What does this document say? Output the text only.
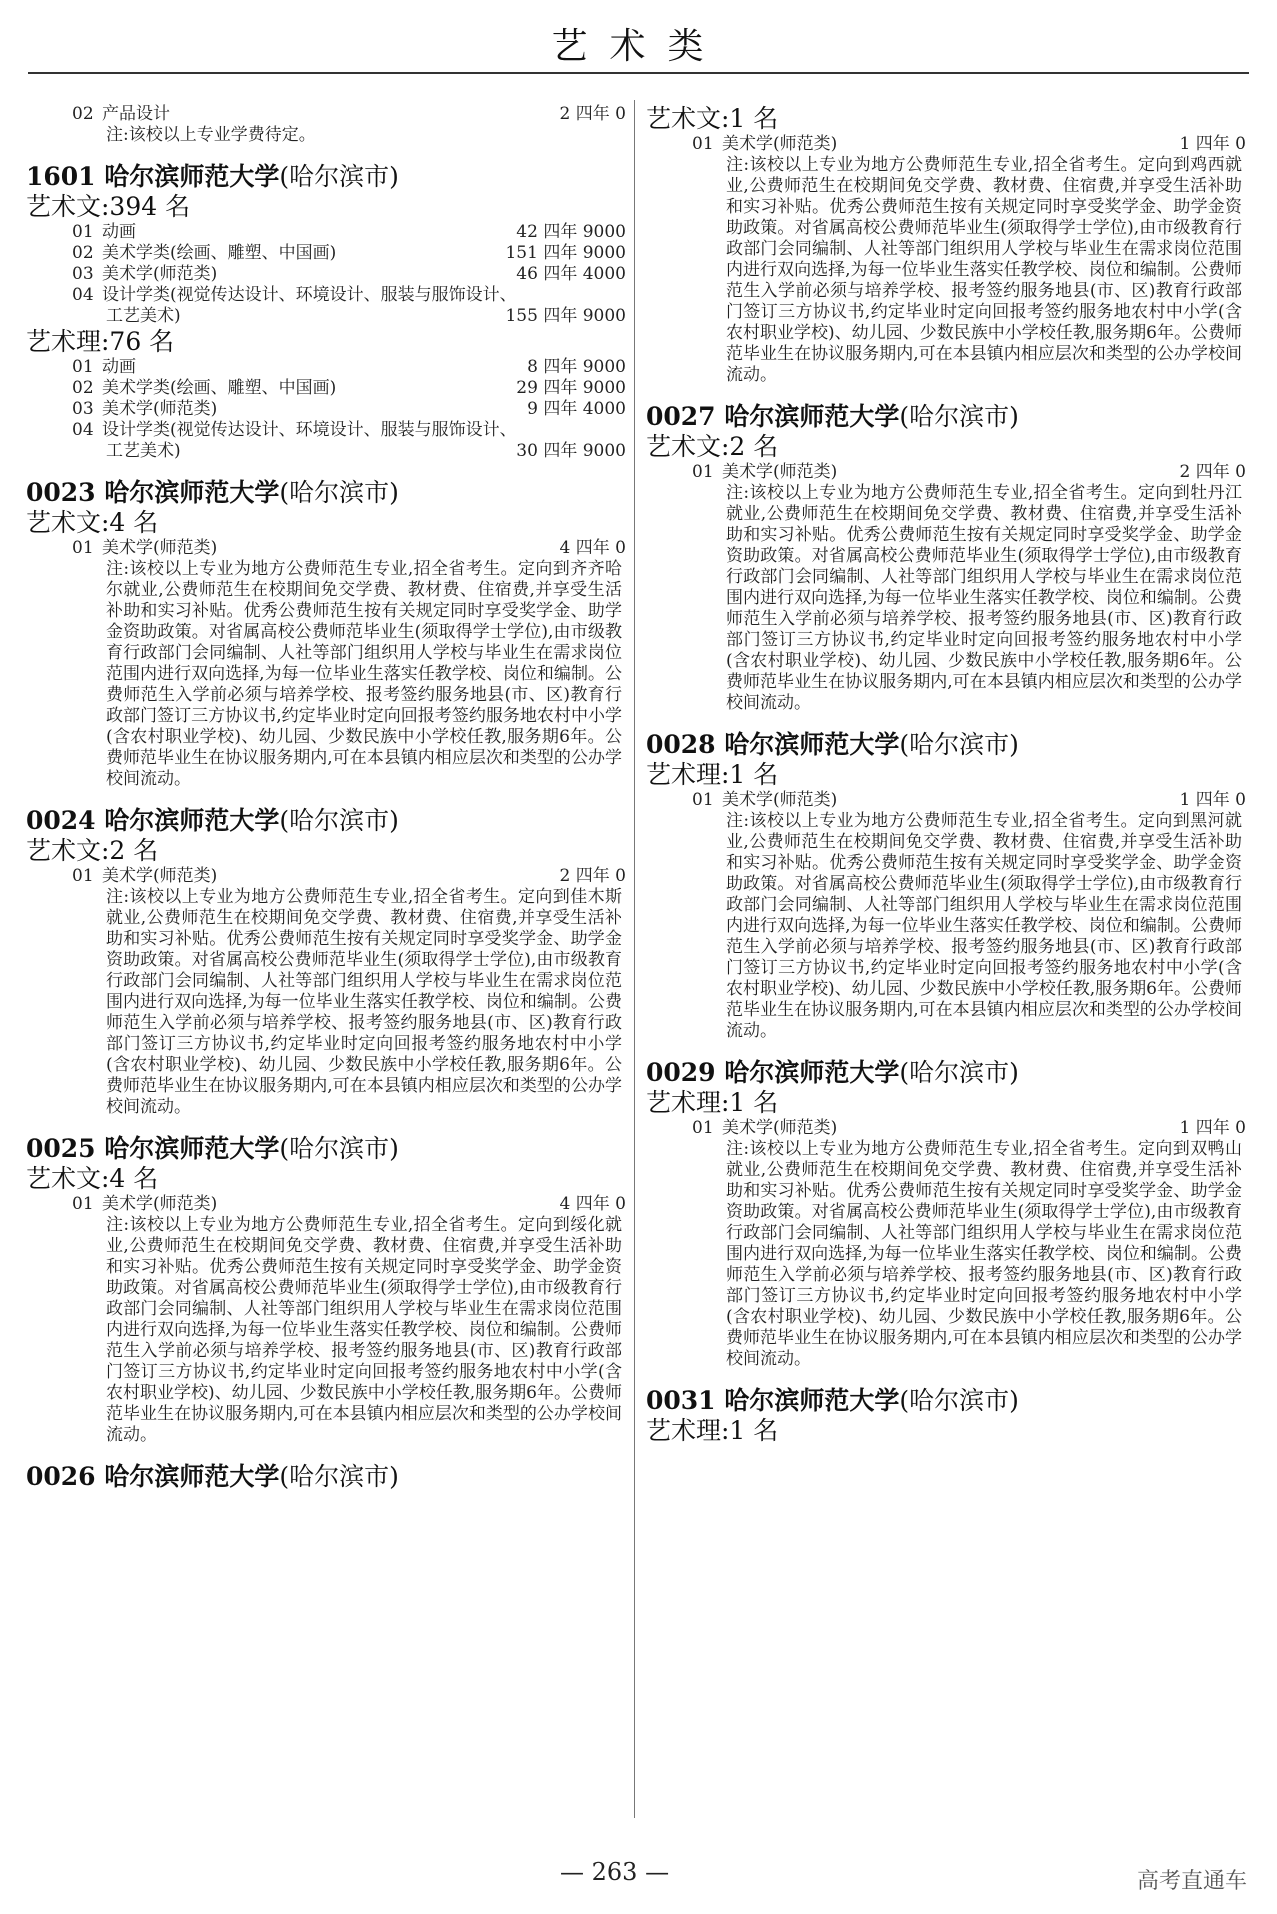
艺术类
02 产品设计	2 四年 0
注:该校以上专业学费待定。
1601 哈尔滨师范大学(哈尔滨市)
艺术文:394 名
01 动画	42 四年 9000
02 美术学类(绘画、雕塑、中国画)	151 四年 9000
03 美术学(师范类)	46 四年 4000
04 设计学类(视觉传达设计、环境设计、服装与服饰设计、
工艺美术)	155 四年 9000
艺术理:76 名
01 动画	8 四年 9000
02 美术学类(绘画、雕塑、中国画)	29 四年 9000
03 美术学(师范类)	9 四年 4000
04 设计学类(视觉传达设计、环境设计、服装与服饰设计、
工艺美术)	30 四年 9000
0023 哈尔滨师范大学(哈尔滨市)
艺术文:4 名
01 美术学(师范类)	4 四年 0
注:该校以上专业为地方公费师范生专业,招全省考生。定向到齐齐哈尔就业,公费师范生在校期间免交学费、教材费、住宿费,并享受生活补助和实习补贴。优秀公费师范生按有关规定同时享受奖学金、助学金资助政策。对省属高校公费师范毕业生(须取得学士学位),由市级教育行政部门会同编制、人社等部门组织用人学校与毕业生在需求岗位范围内进行双向选择,为每一位毕业生落实任教学校、岗位和编制。公费师范生入学前必须与培养学校、报考签约服务地县(市、区)教育行政部门签订三方协议书,约定毕业时定向回报考签约服务地农村中小学(含农村职业学校)、幼儿园、少数民族中小学校任教,服务期6年。公费师范毕业生在协议服务期内,可在本县镇内相应层次和类型的公办学校间流动。
0024 哈尔滨师范大学(哈尔滨市)
艺术文:2 名
01 美术学(师范类)	2 四年 0
注:该校以上专业为地方公费师范生专业,招全省考生。定向到佳木斯就业,公费师范生在校期间免交学费、教材费、住宿费,并享受生活补助和实习补贴。优秀公费师范生按有关规定同时享受奖学金、助学金资助政策。对省属高校公费师范毕业生(须取得学士学位),由市级教育行政部门会同编制、人社等部门组织用人学校与毕业生在需求岗位范围内进行双向选择,为每一位毕业生落实任教学校、岗位和编制。公费师范生入学前必须与培养学校、报考签约服务地县(市、区)教育行政部门签订三方协议书,约定毕业时定向回报考签约服务地农村中小学(含农村职业学校)、幼儿园、少数民族中小学校任教,服务期6年。公费师范毕业生在协议服务期内,可在本县镇内相应层次和类型的公办学校间流动。
0025 哈尔滨师范大学(哈尔滨市)
艺术文:4 名
01 美术学(师范类)	4 四年 0
注:该校以上专业为地方公费师范生专业,招全省考生。定向到绥化就业,公费师范生在校期间免交学费、教材费、住宿费,并享受生活补助和实习补贴。优秀公费师范生按有关规定同时享受奖学金、助学金资助政策。对省属高校公费师范毕业生(须取得学士学位),由市级教育行政部门会同编制、人社等部门组织用人学校与毕业生在需求岗位范围内进行双向选择,为每一位毕业生落实任教学校、岗位和编制。公费师范生入学前必须与培养学校、报考签约服务地县(市、区)教育行政部门签订三方协议书,约定毕业时定向回报考签约服务地农村中小学(含农村职业学校)、幼儿园、少数民族中小学校任教,服务期6年。公费师范毕业生在协议服务期内,可在本县镇内相应层次和类型的公办学校间流动。
0026 哈尔滨师范大学(哈尔滨市)
艺术文:1 名
01 美术学(师范类)	1 四年 0
注:该校以上专业为地方公费师范生专业,招全省考生。定向到鸡西就业,公费师范生在校期间免交学费、教材费、住宿费,并享受生活补助和实习补贴。优秀公费师范生按有关规定同时享受奖学金、助学金资助政策。对省属高校公费师范毕业生(须取得学士学位),由市级教育行政部门会同编制、人社等部门组织用人学校与毕业生在需求岗位范围内进行双向选择,为每一位毕业生落实任教学校、岗位和编制。公费师范生入学前必须与培养学校、报考签约服务地县(市、区)教育行政部门签订三方协议书,约定毕业时定向回报考签约服务地农村中小学(含农村职业学校)、幼儿园、少数民族中小学校任教,服务期6年。公费师范毕业生在协议服务期内,可在本县镇内相应层次和类型的公办学校间流动。
0027 哈尔滨师范大学(哈尔滨市)
艺术文:2 名
01 美术学(师范类)	2 四年 0
注:该校以上专业为地方公费师范生专业,招全省考生。定向到牡丹江就业,公费师范生在校期间免交学费、教材费、住宿费,并享受生活补助和实习补贴。优秀公费师范生按有关规定同时享受奖学金、助学金资助政策。对省属高校公费师范毕业生(须取得学士学位),由市级教育行政部门会同编制、人社等部门组织用人学校与毕业生在需求岗位范围内进行双向选择,为每一位毕业生落实任教学校、岗位和编制。公费师范生入学前必须与培养学校、报考签约服务地县(市、区)教育行政部门签订三方协议书,约定毕业时定向回报考签约服务地农村中小学(含农村职业学校)、幼儿园、少数民族中小学校任教,服务期6年。公费师范毕业生在协议服务期内,可在本县镇内相应层次和类型的公办学校间流动。
0028 哈尔滨师范大学(哈尔滨市)
艺术理:1 名
01 美术学(师范类)	1 四年 0
注:该校以上专业为地方公费师范生专业,招全省考生。定向到黑河就业,公费师范生在校期间免交学费、教材费、住宿费,并享受生活补助和实习补贴。优秀公费师范生按有关规定同时享受奖学金、助学金资助政策。对省属高校公费师范毕业生(须取得学士学位),由市级教育行政部门会同编制、人社等部门组织用人学校与毕业生在需求岗位范围内进行双向选择,为每一位毕业生落实任教学校、岗位和编制。公费师范生入学前必须与培养学校、报考签约服务地县(市、区)教育行政部门签订三方协议书,约定毕业时定向回报考签约服务地农村中小学(含农村职业学校)、幼儿园、少数民族中小学校任教,服务期6年。公费师范毕业生在协议服务期内,可在本县镇内相应层次和类型的公办学校间流动。
0029 哈尔滨师范大学(哈尔滨市)
艺术理:1 名
01 美术学(师范类)	1 四年 0
注:该校以上专业为地方公费师范生专业,招全省考生。定向到双鸭山就业,公费师范生在校期间免交学费、教材费、住宿费,并享受生活补助和实习补贴。优秀公费师范生按有关规定同时享受奖学金、助学金资助政策。对省属高校公费师范毕业生(须取得学士学位),由市级教育行政部门会同编制、人社等部门组织用人学校与毕业生在需求岗位范围内进行双向选择,为每一位毕业生落实任教学校、岗位和编制。公费师范生入学前必须与培养学校、报考签约服务地县(市、区)教育行政部门签订三方协议书,约定毕业时定向回报考签约服务地农村中小学(含农村职业学校)、幼儿园、少数民族中小学校任教,服务期6年。公费师范毕业生在协议服务期内,可在本县镇内相应层次和类型的公办学校间流动。
0031 哈尔滨师范大学(哈尔滨市)
艺术理:1 名
— 263 —	高考直通车
